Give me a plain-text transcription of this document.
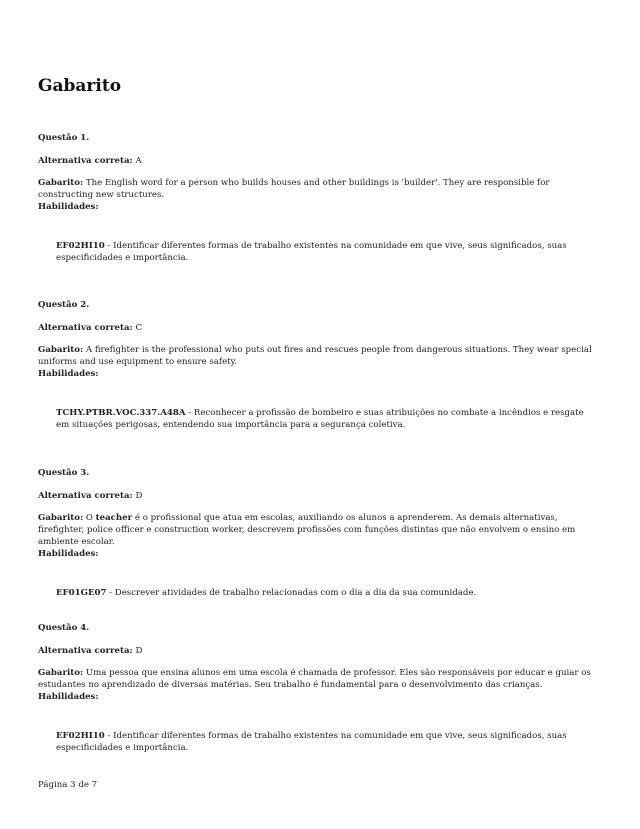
Gabarito

Questão 1.

Alternativa correta: A

Gabarito: The English word for a person who builds houses and other buildings is 'builder'. They are responsible for constructing new structures.

Habilidades:

EF02HI10 - Identificar diferentes formas de trabalho existentes na comunidade em que vive, seus significados, suas especificidades e importância.

Questão 2.

Alternativa correta: C

Gabarito: A firefighter is the professional who puts out fires and rescues people from dangerous situations. They wear special uniforms and use equipment to ensure safety.

Habilidades:

TCHY.PTBR.VOC.337.A48A - Reconhecer a profissão de bombeiro e suas atribuições no combate a incêndios e resgate em situações perigosas, entendendo sua importância para a segurança coletiva.

Questão 3.

Alternativa correta: D

Gabarito: O teacher é o profissional que atua em escolas, auxiliando os alunos a aprenderem. As demais alternativas, firefighter, police officer e construction worker, descrevem profissões com funções distintas que não envolvem o ensino em ambiente escolar.

Habilidades:

EF01GE07 - Descrever atividades de trabalho relacionadas com o dia a dia da sua comunidade.

Questão 4.

Alternativa correta: D

Gabarito: Uma pessoa que ensina alunos em uma escola é chamada de professor. Eles são responsáveis por educar e guiar os estudantes no aprendizado de diversas matérias. Seu trabalho é fundamental para o desenvolvimento das crianças.

Habilidades:

EF02HI10 - Identificar diferentes formas de trabalho existentes na comunidade em que vive, seus significados, suas especificidades e importância.

Página 3 de 7
